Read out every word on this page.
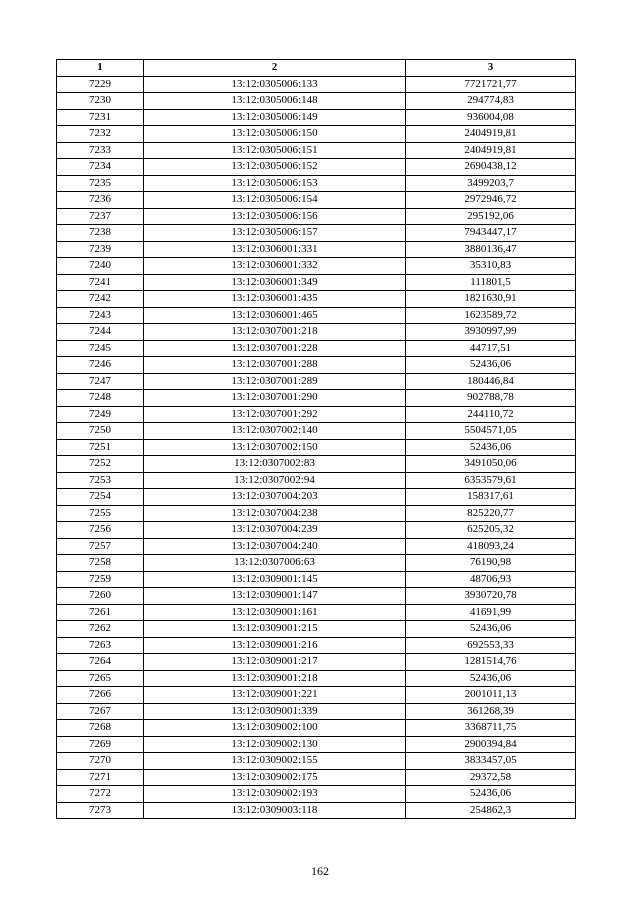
1	2	3
7229	13:12:0305006:133	7721721,77
7230	13:12:0305006:148	294774,83
7231	13:12:0305006:149	936004,08
7232	13:12:0305006:150	2404919,81
7233	13:12:0305006:151	2404919,81
7234	13:12:0305006:152	2690438,12
7235	13:12:0305006:153	3499203,7
7236	13:12:0305006:154	2972946,72
7237	13:12:0305006:156	295192,06
7238	13:12:0305006:157	7943447,17
7239	13:12:0306001:331	3880136,47
7240	13:12:0306001:332	35310,83
7241	13:12:0306001:349	111801,5
7242	13:12:0306001:435	1821630,91
7243	13:12:0306001:465	1623589,72
7244	13:12:0307001:218	3930997,99
7245	13:12:0307001:228	44717,51
7246	13:12:0307001:288	52436,06
7247	13:12:0307001:289	180446,84
7248	13:12:0307001:290	902788,78
7249	13:12:0307001:292	244110,72
7250	13:12:0307002:140	5504571,05
7251	13:12:0307002:150	52436,06
7252	13:12:0307002:83	3491050,06
7253	13:12:0307002:94	6353579,61
7254	13:12:0307004:203	158317,61
7255	13:12:0307004:238	825220,77
7256	13:12:0307004:239	625205,32
7257	13:12:0307004:240	418093,24
7258	13:12:0307006:63	76190,98
7259	13:12:0309001:145	48706,93
7260	13:12:0309001:147	3930720,78
7261	13:12:0309001:161	41691,99
7262	13:12:0309001:215	52436,06
7263	13:12:0309001:216	692553,33
7264	13:12:0309001:217	1281514,76
7265	13:12:0309001:218	52436,06
7266	13:12:0309001:221	2001011,13
7267	13:12:0309001:339	361268,39
7268	13:12:0309002:100	3368711,75
7269	13:12:0309002:130	2900394,84
7270	13:12:0309002:155	3833457,05
7271	13:12:0309002:175	29372,58
7272	13:12:0309002:193	52436,06
7273	13:12:0309003:118	254862,3
162
